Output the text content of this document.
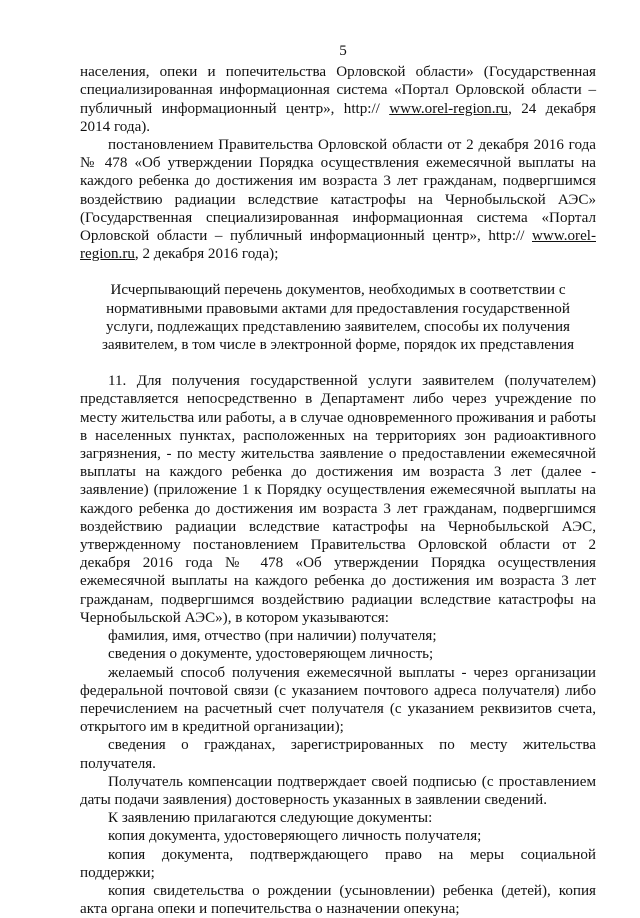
5

населения, опеки и попечительства Орловской области» (Государственная специализированная информационная система «Портал Орловской области – публичный информационный центр», http:// www.orel-region.ru, 24 декабря 2014 года).

постановлением Правительства Орловской области от 2 декабря 2016 года № 478 «Об утверждении Порядка осуществления ежемесячной выплаты на каждого ребенка до достижения им возраста 3 лет гражданам, подвергшимся воздействию радиации вследствие катастрофы на Чернобыльской АЭС» (Государственная специализированная информационная система «Портал Орловской области – публичный информационный центр», http:// www.orel-region.ru, 2 декабря 2016 года);

Исчерпывающий перечень документов, необходимых в соответствии с нормативными правовыми актами для предоставления государственной услуги, подлежащих представлению заявителем, способы их получения заявителем, в том числе в электронной форме, порядок их представления

11. Для получения государственной услуги заявителем (получателем) представляется непосредственно в Департамент либо через учреждение по месту жительства или работы, а в случае одновременного проживания и работы в населенных пунктах, расположенных на территориях зон радиоактивного загрязнения, - по месту жительства заявление о предоставлении ежемесячной выплаты на каждого ребенка до достижения им возраста 3 лет (далее - заявление) (приложение 1 к Порядку осуществления ежемесячной выплаты на каждого ребенка до достижения им возраста 3 лет гражданам, подвергшимся воздействию радиации вследствие катастрофы на Чернобыльской АЭС, утвержденному постановлением Правительства Орловской области от 2 декабря 2016 года № 478 «Об утверждении Порядка осуществления ежемесячной выплаты на каждого ребенка до достижения им возраста 3 лет гражданам, подвергшимся воздействию радиации вследствие катастрофы на Чернобыльской АЭС»), в котором указываются:

фамилия, имя, отчество (при наличии) получателя;

сведения о документе, удостоверяющем личность;

желаемый способ получения ежемесячной выплаты - через организации федеральной почтовой связи (с указанием почтового адреса получателя) либо перечислением на расчетный счет получателя (с указанием реквизитов счета, открытого им в кредитной организации);

сведения о гражданах, зарегистрированных по месту жительства получателя.

Получатель компенсации подтверждает своей подписью (с проставлением даты подачи заявления) достоверность указанных в заявлении сведений.

К заявлению прилагаются следующие документы:

копия документа, удостоверяющего личность получателя;

копия документа, подтверждающего право на меры социальной поддержки;

копия свидетельства о рождении (усыновлении) ребенка (детей), копия акта органа опеки и попечительства о назначении опекуна;
